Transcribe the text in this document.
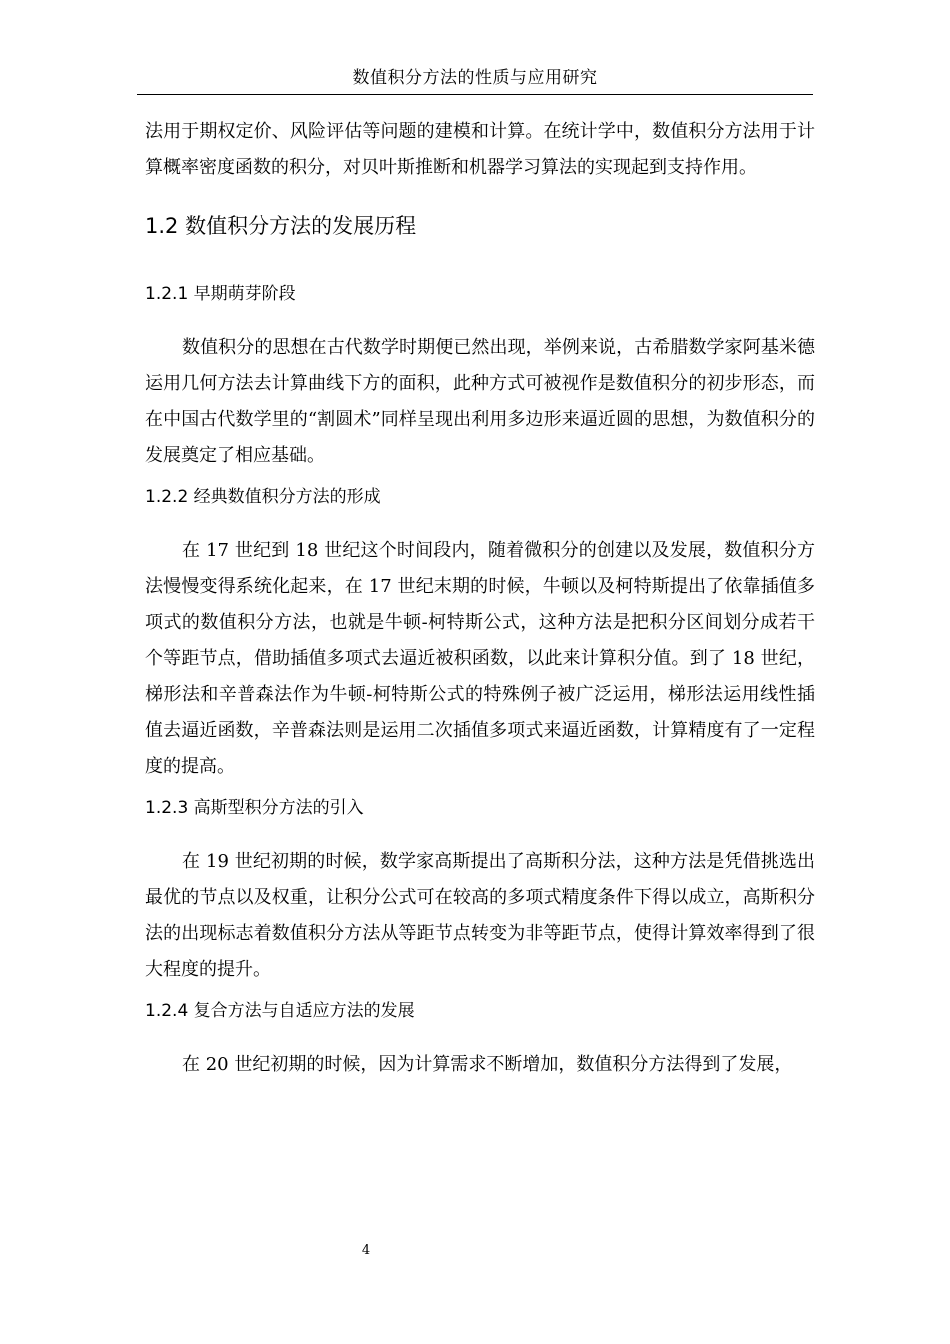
数值积分方法的性质与应用研究

法用于期权定价、风险评估等问题的建模和计算。在统计学中，数值积分方法用于计算概率密度函数的积分，对贝叶斯推断和机器学习算法的实现起到支持作用。

1.2 数值积分方法的发展历程
1.2.1 早期萌芽阶段

数值积分的思想在古代数学时期便已然出现，举例来说，古希腊数学家阿基米德运用几何方法去计算曲线下方的面积，此种方式可被视作是数值积分的初步形态，而在中国古代数学里的“割圆术”同样呈现出利用多边形来逼近圆的思想，为数值积分的发展奠定了相应基础。

1.2.2 经典数值积分方法的形成

在 17 世纪到 18 世纪这个时间段内，随着微积分的创建以及发展，数值积分方法慢慢变得系统化起来，在 17 世纪末期的时候，牛顿以及柯特斯提出了依靠插值多项式的数值积分方法，也就是牛顿-柯特斯公式，这种方法是把积分区间划分成若干个等距节点，借助插值多项式去逼近被积函数，以此来计算积分值。到了 18 世纪，梯形法和辛普森法作为牛顿-柯特斯公式的特殊例子被广泛运用，梯形法运用线性插值去逼近函数，辛普森法则是运用二次插值多项式来逼近函数，计算精度有了一定程度的提高。

1.2.3 高斯型积分方法的引入

在 19 世纪初期的时候，数学家高斯提出了高斯积分法，这种方法是凭借挑选出最优的节点以及权重，让积分公式可在较高的多项式精度条件下得以成立，高斯积分法的出现标志着数值积分方法从等距节点转变为非等距节点，使得计算效率得到了很大程度的提升。

1.2.4 复合方法与自适应方法的发展

在 20 世纪初期的时候，因为计算需求不断增加，数值积分方法得到了发展，

4
